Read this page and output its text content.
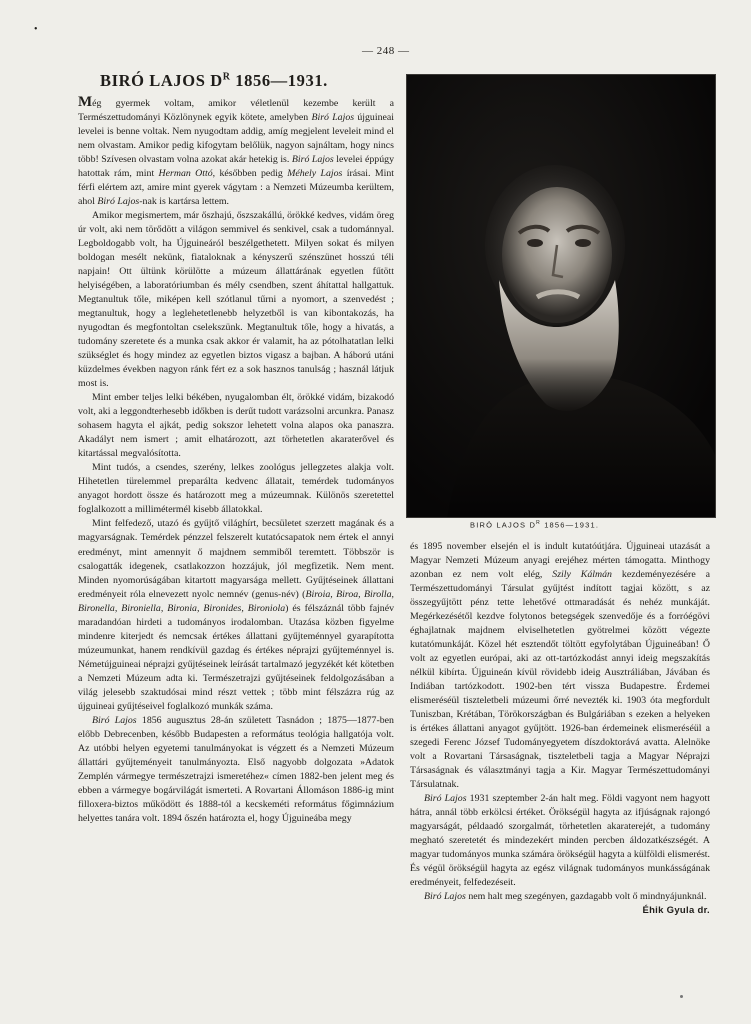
•
— 248 —
BIRÓ LAJOS $D^R$ 1856—1931.

Még gyermek voltam, amikor véletlenül kezembe került a Természettudományi Közlönynek egyik kötete, amelyben Biró Lajos újguineai levelei is benne voltak. Nem nyugodtam addig, amíg megjelent leveleit mind el nem olvastam. Amikor pedig kifogytam belőlük, nagyon sajnáltam, hogy nincs több! Szívesen olvastam volna azokat akár hetekig is. Biró Lajos levelei éppúgy hatottak rám, mint Herman Ottó, későbben pedig Méhely Lajos írásai. Mint férfi elértem azt, amire mint gyerek vágytam : a Nemzeti Múzeumba kerültem, ahol Biró Lajos-nak is kartársa lettem.

Amikor megismertem, már őszhajú, őszszakállú, örökké kedves, vidám öreg úr volt, aki nem törődött a világon semmivel és senkivel, csak a tudománnyal. Legboldogabb volt, ha Újguineáról beszélgethetett. Milyen sokat és milyen boldogan mesélt nekünk, fiataloknak a kényszerű szénszünet hosszú téli napjain! Ott ültünk körülötte a múzeum állattárának egyetlen fűtött helyiségében, a laboratóriumban és mély csendben, szent áhítattal hallgattuk. Megtanultuk tőle, miképen kell szótlanul tűrni a nyomort, a szenvedést ; megtanultuk, hogy a leglehetetlenebb helyzetből is van kibontakozás, ha nyugodtan és megfontoltan cselekszünk. Megtanultuk tőle, hogy a hivatás, a tudomány szeretete és a munka csak akkor ér valamit, ha az pótolhatatlan lelki szükséglet és hogy mindez az egyetlen biztos vigasz a bajban. A háború utáni küzdelmes években nagyon ránk fért ez a sok hasznos tanulság ; használ látjuk most is.

Mint ember teljes lelki békében, nyugalomban élt, örökké vidám, bizakodó volt, aki a leggondterhesebb időkben is derűt tudott varázsolni arcunkra. Panasz sohasem hagyta el ajkát, pedig sokszor lehetett volna alapos oka panaszra. Akadályt nem ismert ; amit elhatározott, azt törhetetlen akaraterővel és kitartással megvalósította.

Mint tudós, a csendes, szerény, lelkes zoológus jellegzetes alakja volt. Hihetetlen türelemmel preparálta kedvenc állatait, temérdek tudományos anyagot hordott össze és határozott meg a múzeumnak. Különös szeretettel foglalkozott a millimétermél kisebb állatokkal.

Mint felfedező, utazó és gyűjtő világhírt, becsületet szerzett magának és a magyarságnak. Temérdek pénzzel felszerelt kutatócsapatok nem értek el annyi eredményt, mint amennyit ő majdnem semmiből teremtett. Többször is csalogatták idegenek, csatlakozzon hozzájuk, jól megfizetik. Nem ment. Minden nyomorúságában kitartott magyarsága mellett. Gyűjtéseinek állattani eredményeit róla elnevezett nyolc nemnév (genus-név) (Biroia, Biroa, Birolla, Bironella, Bironiella, Bironia, Bironides, Bironiola) és félszáznál több fajnév maradandóan hirdeti a tudományos irodalomban. Utazása közben figyelme mindenre kiterjedt és nemcsak értékes állattani gyűjteménnyel gyarapította múzeumunkat, hanem rendkívül gazdag és értékes néprajzi gyűjteménnyel is. Németújguineai néprajzi gyűjtéseinek leírását tartalmazó jegyzékét két kötetben a Nemzeti Múzeum adta ki. Természetrajzi gyűjtéseinek feldolgozásában a világ jelesebb szaktudósai mind részt vettek ; több mint félszázra rúg az újguineai gyűjtéseivel foglalkozó munkák száma.

Biró Lajos 1856 augusztus 28-án született Tasnádon ; 1875—1877-ben előbb Debrecenben, később Budapesten a református teológia hallgatója volt. Az utóbbi helyen egyetemi tanulmányokat is végzett és a Nemzeti Múzeum állattári gyűjteményeit tanulmányozta. Első nagyobb dolgozata »Adatok Zemplén vármegye természetrajzi ismeretéhez« címen 1882-ben jelent meg és ebben a vármegye bogárvilágát ismerteti. A Rovartani Állomáson 1886-ig mint filloxera-biztos működött és 1888-tól a kecskeméti református főgimnázium helyettes tanára volt. 1894 őszén határozta el, hogy Újguineába megy

BIRÓ LAJOS $D^R$ 1856—1931.

és 1895 november elsején el is indult kutatóútjára. Újguineai utazását a Magyar Nemzeti Múzeum anyagi erejéhez mérten támogatta. Minthogy azonban ez nem volt elég, Szily Kálmán kezdeményezésére a Természettudományi Társulat gyűjtést indított tagjai között, s az összegyűjtött pénz tette lehetővé ottmaradását és nehéz munkáját. Megérkezésétől kezdve folytonos betegségek szenvedője és a forróégövi éghajlatnak majdnem elviselhetetlen gyötrelmei között végezte kutatómunkáját. Közel hét esztendőt töltött egyfolytában Újguineában! Ő volt az egyetlen európai, aki az ott-tartózkodást annyi ideig megszakítás nélkül kibírta. Újguineán kívül rövidebb ideig Ausztráliában, Jávában és Indiában tartózkodott. 1902-ben tért vissza Budapestre. Érdemei elismeréséül tiszteletbeli múzeumi őrré nevezték ki. 1903 óta megfordult Tuniszban, Krétában, Törökországban és Bulgáriában s ezeken a helyeken is értékes állattani anyagot gyűjtött. 1926-ban érdemeinek elismeréséül a szegedi Ferenc József Tudományegyetem díszdoktorává avatta. Alelnöke volt a Rovartani Társaságnak, tiszteletbeli tagja a Magyar Néprajzi Társaságnak és választmányi tagja a Kir. Magyar Természettudományi Társulatnak.

Biró Lajos 1931 szeptember 2-án halt meg. Földi vagyont nem hagyott hátra, annál több erkölcsi értéket. Örökségül hagyta az ifjúságnak rajongó magyarságát, példaadó szorgalmát, törhetetlen akaraterejét, a tudomány megható szeretetét és mindezekért minden percben áldozatkészségét. A magyar tudományos munka számára örökségül hagyta a külföldi elismerést. És végül örökségül hagyta az egész világnak tudományos munkásságának eredményeit, felfedezéseit.

Biró Lajos nem halt meg szegényen, gazdagabb volt ő mindnyájunknál.
Éhik Gyula dr.
